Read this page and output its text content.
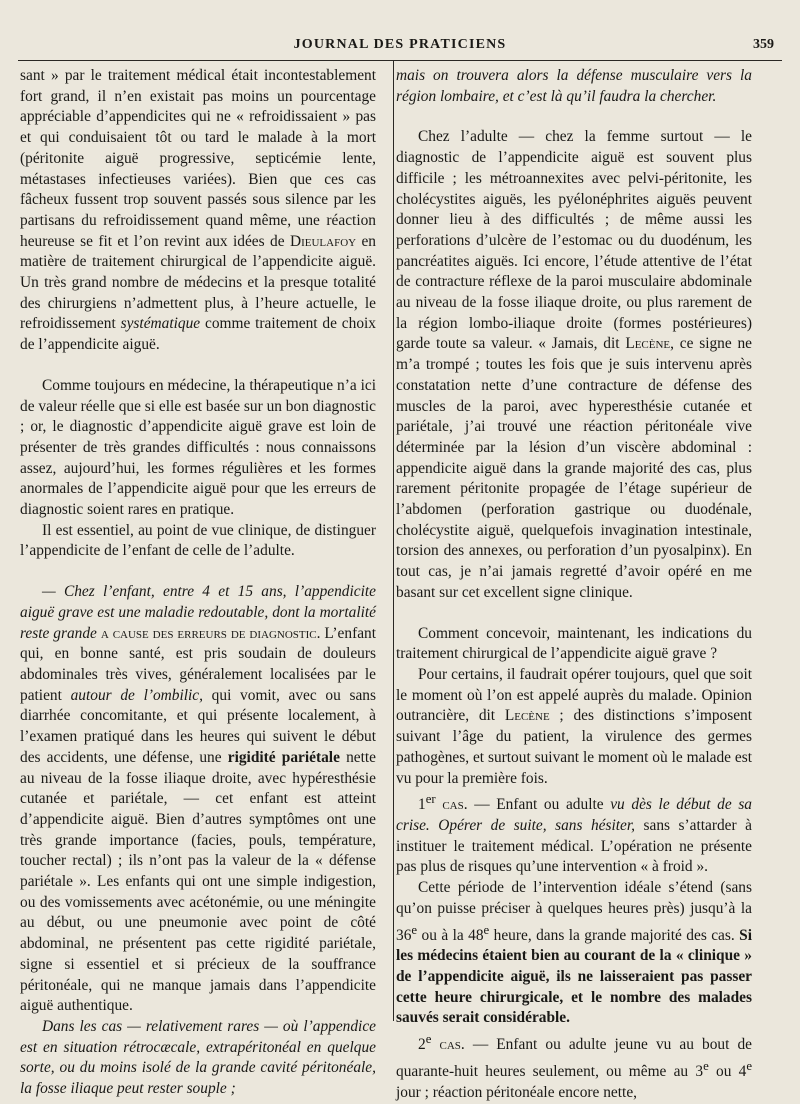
JOURNAL DES PRATICIENS	359

sant » par le traitement médical était incontestablement fort grand, il n’en existait pas moins un pourcentage appréciable d’appendicites qui ne « refroidissaient » pas et qui conduisaient tôt ou tard le malade à la mort (péritonite aiguë progressive, septicémie lente, métastases infectieuses variées). Bien que ces cas fâcheux fussent trop souvent passés sous silence par les partisans du refroidissement quand même, une réaction heureuse se fit et l’on revint aux idées de Dieulafoy en matière de traitement chirurgical de l’appendicite aiguë. Un très grand nombre de médecins et la presque totalité des chirurgiens n’admettent plus, à l’heure actuelle, le refroidissement systématique comme traitement de choix de l’appendicite aiguë.

Comme toujours en médecine, la thérapeutique n’a ici de valeur réelle que si elle est basée sur un bon diagnostic ; or, le diagnostic d’appendicite aiguë grave est loin de présenter de très grandes difficultés : nous connaissons assez, aujourd’hui, les formes régulières et les formes anormales de l’appendicite aiguë pour que les erreurs de diagnostic soient rares en pratique.

Il est essentiel, au point de vue clinique, de distinguer l’appendicite de l’enfant de celle de l’adulte.

— Chez l’enfant, entre 4 et 15 ans, l’appendicite aiguë grave est une maladie redoutable, dont la mortalité reste grande a cause des erreurs de diagnostic. L’enfant qui, en bonne santé, est pris soudain de douleurs abdominales très vives, généralement localisées par le patient autour de l’ombilic, qui vomit, avec ou sans diarrhée concomitante, et qui présente localement, à l’examen pratiqué dans les heures qui suivent le début des accidents, une défense, une rigidité pariétale nette au niveau de la fosse iliaque droite, avec hypéresthésie cutanée et pariétale, — cet enfant est atteint d’appendicite aiguë. Bien d’autres symptômes ont une très grande importance (facies, pouls, température, toucher rectal) ; ils n’ont pas la valeur de la « défense pariétale ». Les enfants qui ont une simple indigestion, ou des vomissements avec acétonémie, ou une méningite au début, ou une pneumonie avec point de côté abdominal, ne présentent pas cette rigidité pariétale, signe si essentiel et si précieux de la souffrance péritonéale, qui ne manque jamais dans l’appendicite aiguë authentique.

Dans les cas — relativement rares — où l’appendice est en situation rétrocæcale, extrapéritonéal en quelque sorte, ou du moins isolé de la grande cavité péritonéale, la fosse iliaque peut rester souple ;

mais on trouvera alors la défense musculaire vers la région lombaire, et c’est là qu’il faudra la chercher.

Chez l’adulte — chez la femme surtout — le diagnostic de l’appendicite aiguë est souvent plus difficile ; les métroannexites avec pelvi-péritonite, les cholécystites aiguës, les pyélonéphrites aiguës peuvent donner lieu à des difficultés ; de même aussi les perforations d’ulcère de l’estomac ou du duodénum, les pancréatites aiguës. Ici encore, l’étude attentive de l’état de contracture réflexe de la paroi musculaire abdominale au niveau de la fosse iliaque droite, ou plus rarement de la région lombo-iliaque droite (formes postérieures) garde toute sa valeur. « Jamais, dit Lecène, ce signe ne m’a trompé ; toutes les fois que je suis intervenu après constatation nette d’une contracture de défense des muscles de la paroi, avec hyperesthésie cutanée et pariétale, j’ai trouvé une réaction péritonéale vive déterminée par la lésion d’un viscère abdominal : appendicite aiguë dans la grande majorité des cas, plus rarement péritonite propagée de l’étage supérieur de l’abdomen (perforation gastrique ou duodénale, cholécystite aiguë, quelquefois invagination intestinale, torsion des annexes, ou perforation d’un pyosalpinx). En tout cas, je n’ai jamais regretté d’avoir opéré en me basant sur cet excellent signe clinique.

Comment concevoir, maintenant, les indications du traitement chirurgical de l’appendicite aiguë grave ?

Pour certains, il faudrait opérer toujours, quel que soit le moment où l’on est appelé auprès du malade. Opinion outrancière, dit Lecène ; des distinctions s’imposent suivant l’âge du patient, la virulence des germes pathogènes, et surtout suivant le moment où le malade est vu pour la première fois.

1er cas. — Enfant ou adulte vu dès le début de sa crise. Opérer de suite, sans hésiter, sans s’attarder à instituer le traitement médical. L’opération ne présente pas plus de risques qu’une intervention « à froid ».

Cette période de l’intervention idéale s’étend (sans qu’on puisse préciser à quelques heures près) jusqu’à la 36e ou à la 48e heure, dans la grande majorité des cas. Si les médecins étaient bien au courant de la « clinique » de l’appendicite aiguë, ils ne laisseraient pas passer cette heure chirurgicale, et le nombre des malades sauvés serait considérable.

2e cas. — Enfant ou adulte jeune vu au bout de quarante-huit heures seulement, ou même au 3e ou 4e jour ; réaction péritonéale encore nette,
